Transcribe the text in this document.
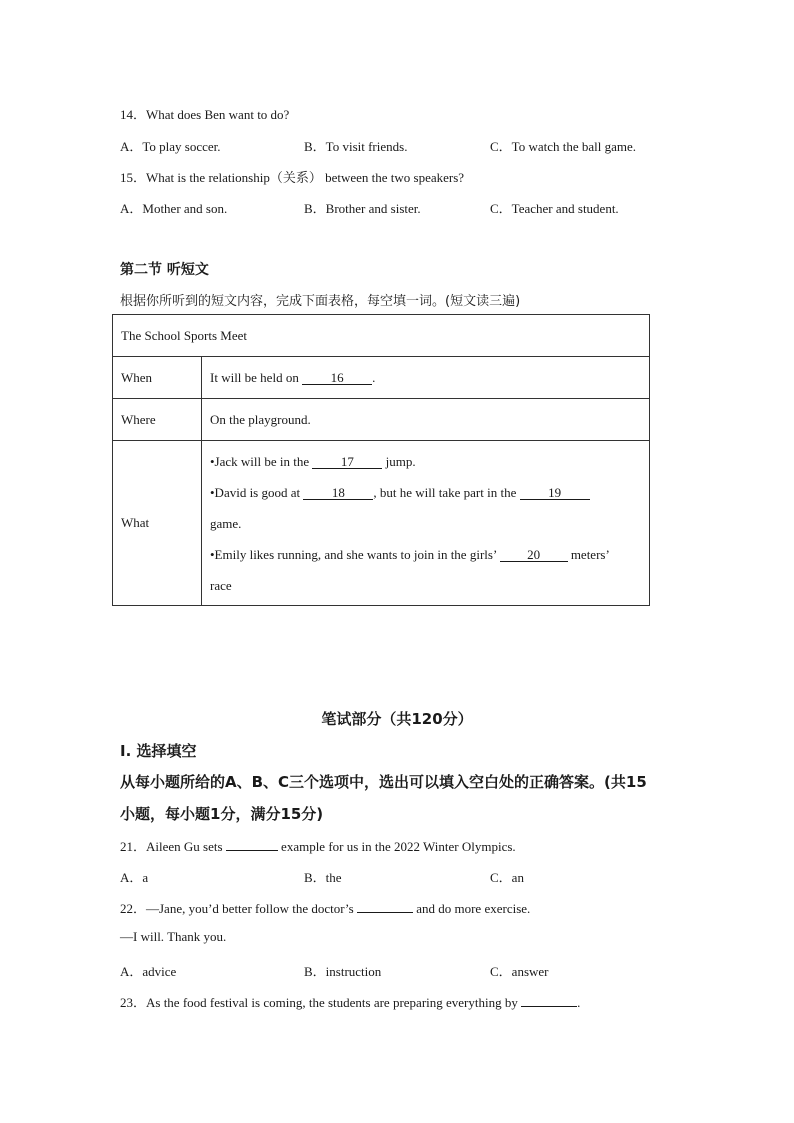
14．What does Ben want to do?
A．To play soccer.	B．To visit friends.	C．To watch the ball game.
15．What is the relationship（关系） between the two speakers?
A．Mother and son.	B．Brother and sister.	C．Teacher and student.
第二节 听短文
根据你所听到的短文内容，完成下面表格，每空填一词。(短文读三遍)
The School Sports Meet	
When	It will be held on 16 .
Where	On the playground.
What	•Jack will be in the 17 jump.
•David is good at 18 , but he will take part in the 19
game.
•Emily likes running, and she wants to join in the girls’ 20 meters’
race
笔试部分（共120分）
I. 选择填空
从每小题所给的A、B、C三个选项中，选出可以填入空白处的正确答案。(共15
小题，每小题1分，满分15分)
21．Aileen Gu sets	example for us in the 2022 Winter Olympics.
A．a	B．the	C．an
22．—Jane, you’d better follow the doctor’s	and do more exercise.
—I will. Thank you.
A．advice	B．instruction	C．answer
23．As the food festival is coming, the students are preparing everything by	.
